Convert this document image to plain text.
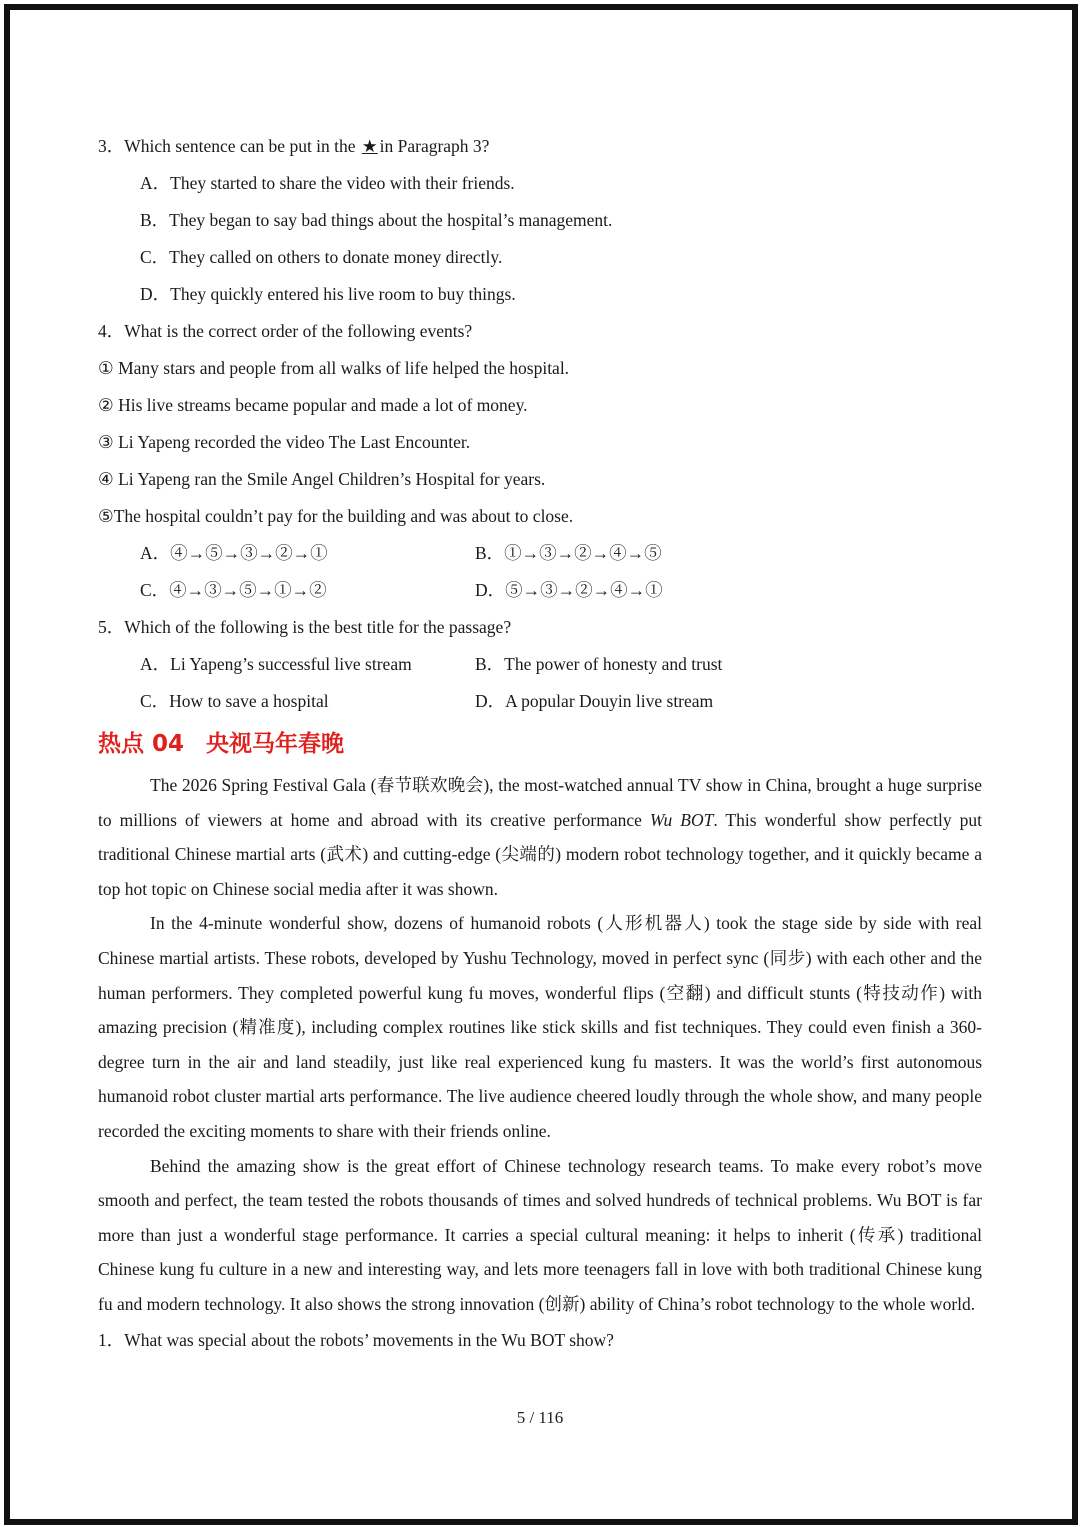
3．Which sentence can be put in the ★ in Paragraph 3?
A．They started to share the video with their friends.
B．They began to say bad things about the hospital’s management.
C．They called on others to donate money directly.
D．They quickly entered his live room to buy things.
4．What is the correct order of the following events?
① Many stars and people from all walks of life helped the hospital.
② His live streams became popular and made a lot of money.
③ Li Yapeng recorded the video The Last Encounter.
④ Li Yapeng ran the Smile Angel Children’s Hospital for years.
⑤The hospital couldn’t pay for the building and was about to close.
A．④→⑤→③→②→①	B．①→③→②→④→⑤
C．④→③→⑤→①→②	D．⑤→③→②→④→①
5．Which of the following is the best title for the passage?
A．Li Yapeng’s successful live stream	B．The power of honesty and trust
C．How to save a hospital	D．A popular Douyin live stream
热点 04 央视马年春晚
The 2026 Spring Festival Gala (春节联欢晚会), the most-watched annual TV show in China, brought a huge surprise to millions of viewers at home and abroad with its creative performance Wu BOT. This wonderful show perfectly put traditional Chinese martial arts (武术) and cutting-edge (尖端的) modern robot technology together, and it quickly became a top hot topic on Chinese social media after it was shown.
In the 4-minute wonderful show, dozens of humanoid robots (人形机器人) took the stage side by side with real Chinese martial artists. These robots, developed by Yushu Technology, moved in perfect sync (同步) with each other and the human performers. They completed powerful kung fu moves, wonderful flips (空翻) and difficult stunts (特技动作) with amazing precision (精准度), including complex routines like stick skills and fist techniques. They could even finish a 360-degree turn in the air and land steadily, just like real experienced kung fu masters. It was the world’s first autonomous humanoid robot cluster martial arts performance. The live audience cheered loudly through the whole show, and many people recorded the exciting moments to share with their friends online.
Behind the amazing show is the great effort of Chinese technology research teams. To make every robot’s move smooth and perfect, the team tested the robots thousands of times and solved hundreds of technical problems. Wu BOT is far more than just a wonderful stage performance. It carries a special cultural meaning: it helps to inherit (传承) traditional Chinese kung fu culture in a new and interesting way, and lets more teenagers fall in love with both traditional Chinese kung fu and modern technology. It also shows the strong innovation (创新) ability of China’s robot technology to the whole world.
1．What was special about the robots’ movements in the Wu BOT show?
5 / 116
